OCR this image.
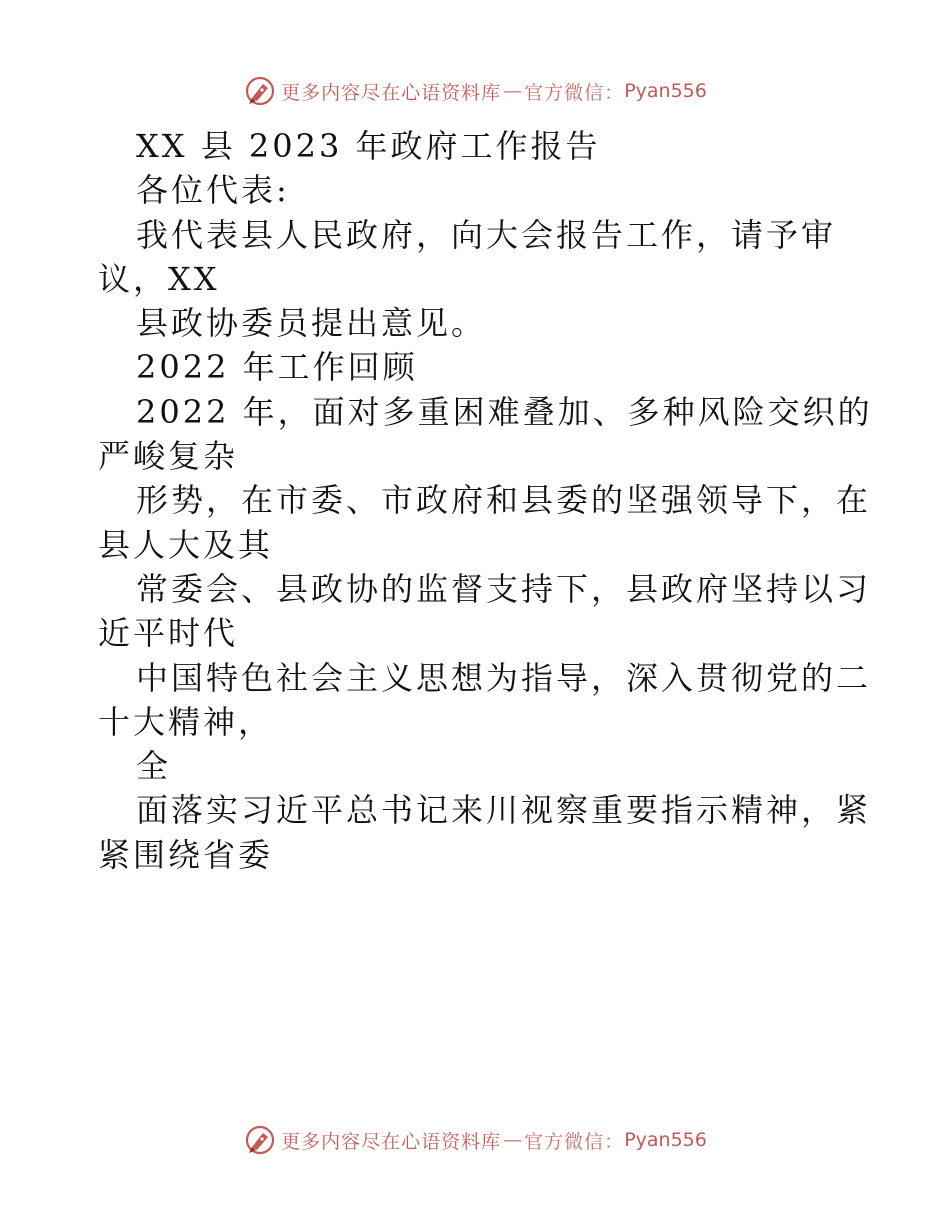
更多内容尽在心语资料库 — 官方微信 ： Pyan556

XX 县 2023 年政府工作报告

各位代表:

我代表县人民政府，向大会报告工作，请予审

议，XX

县政协委员提出意见。

2022 年工作回顾

2022 年，面对多重困难叠加、多种风险交织的

严峻复杂

形势，在市委、市政府和县委的坚强领导下，在

县人大及其

常委会、县政协的监督支持下，县政府坚持以习

近平时代

中国特色社会主义思想为指导，深入贯彻党的二

十大精神，

全

面落实习近平总书记来川视察重要指示精神，紧

紧围绕省委

更多内容尽在心语资料库 — 官方微信 ： Pyan556
